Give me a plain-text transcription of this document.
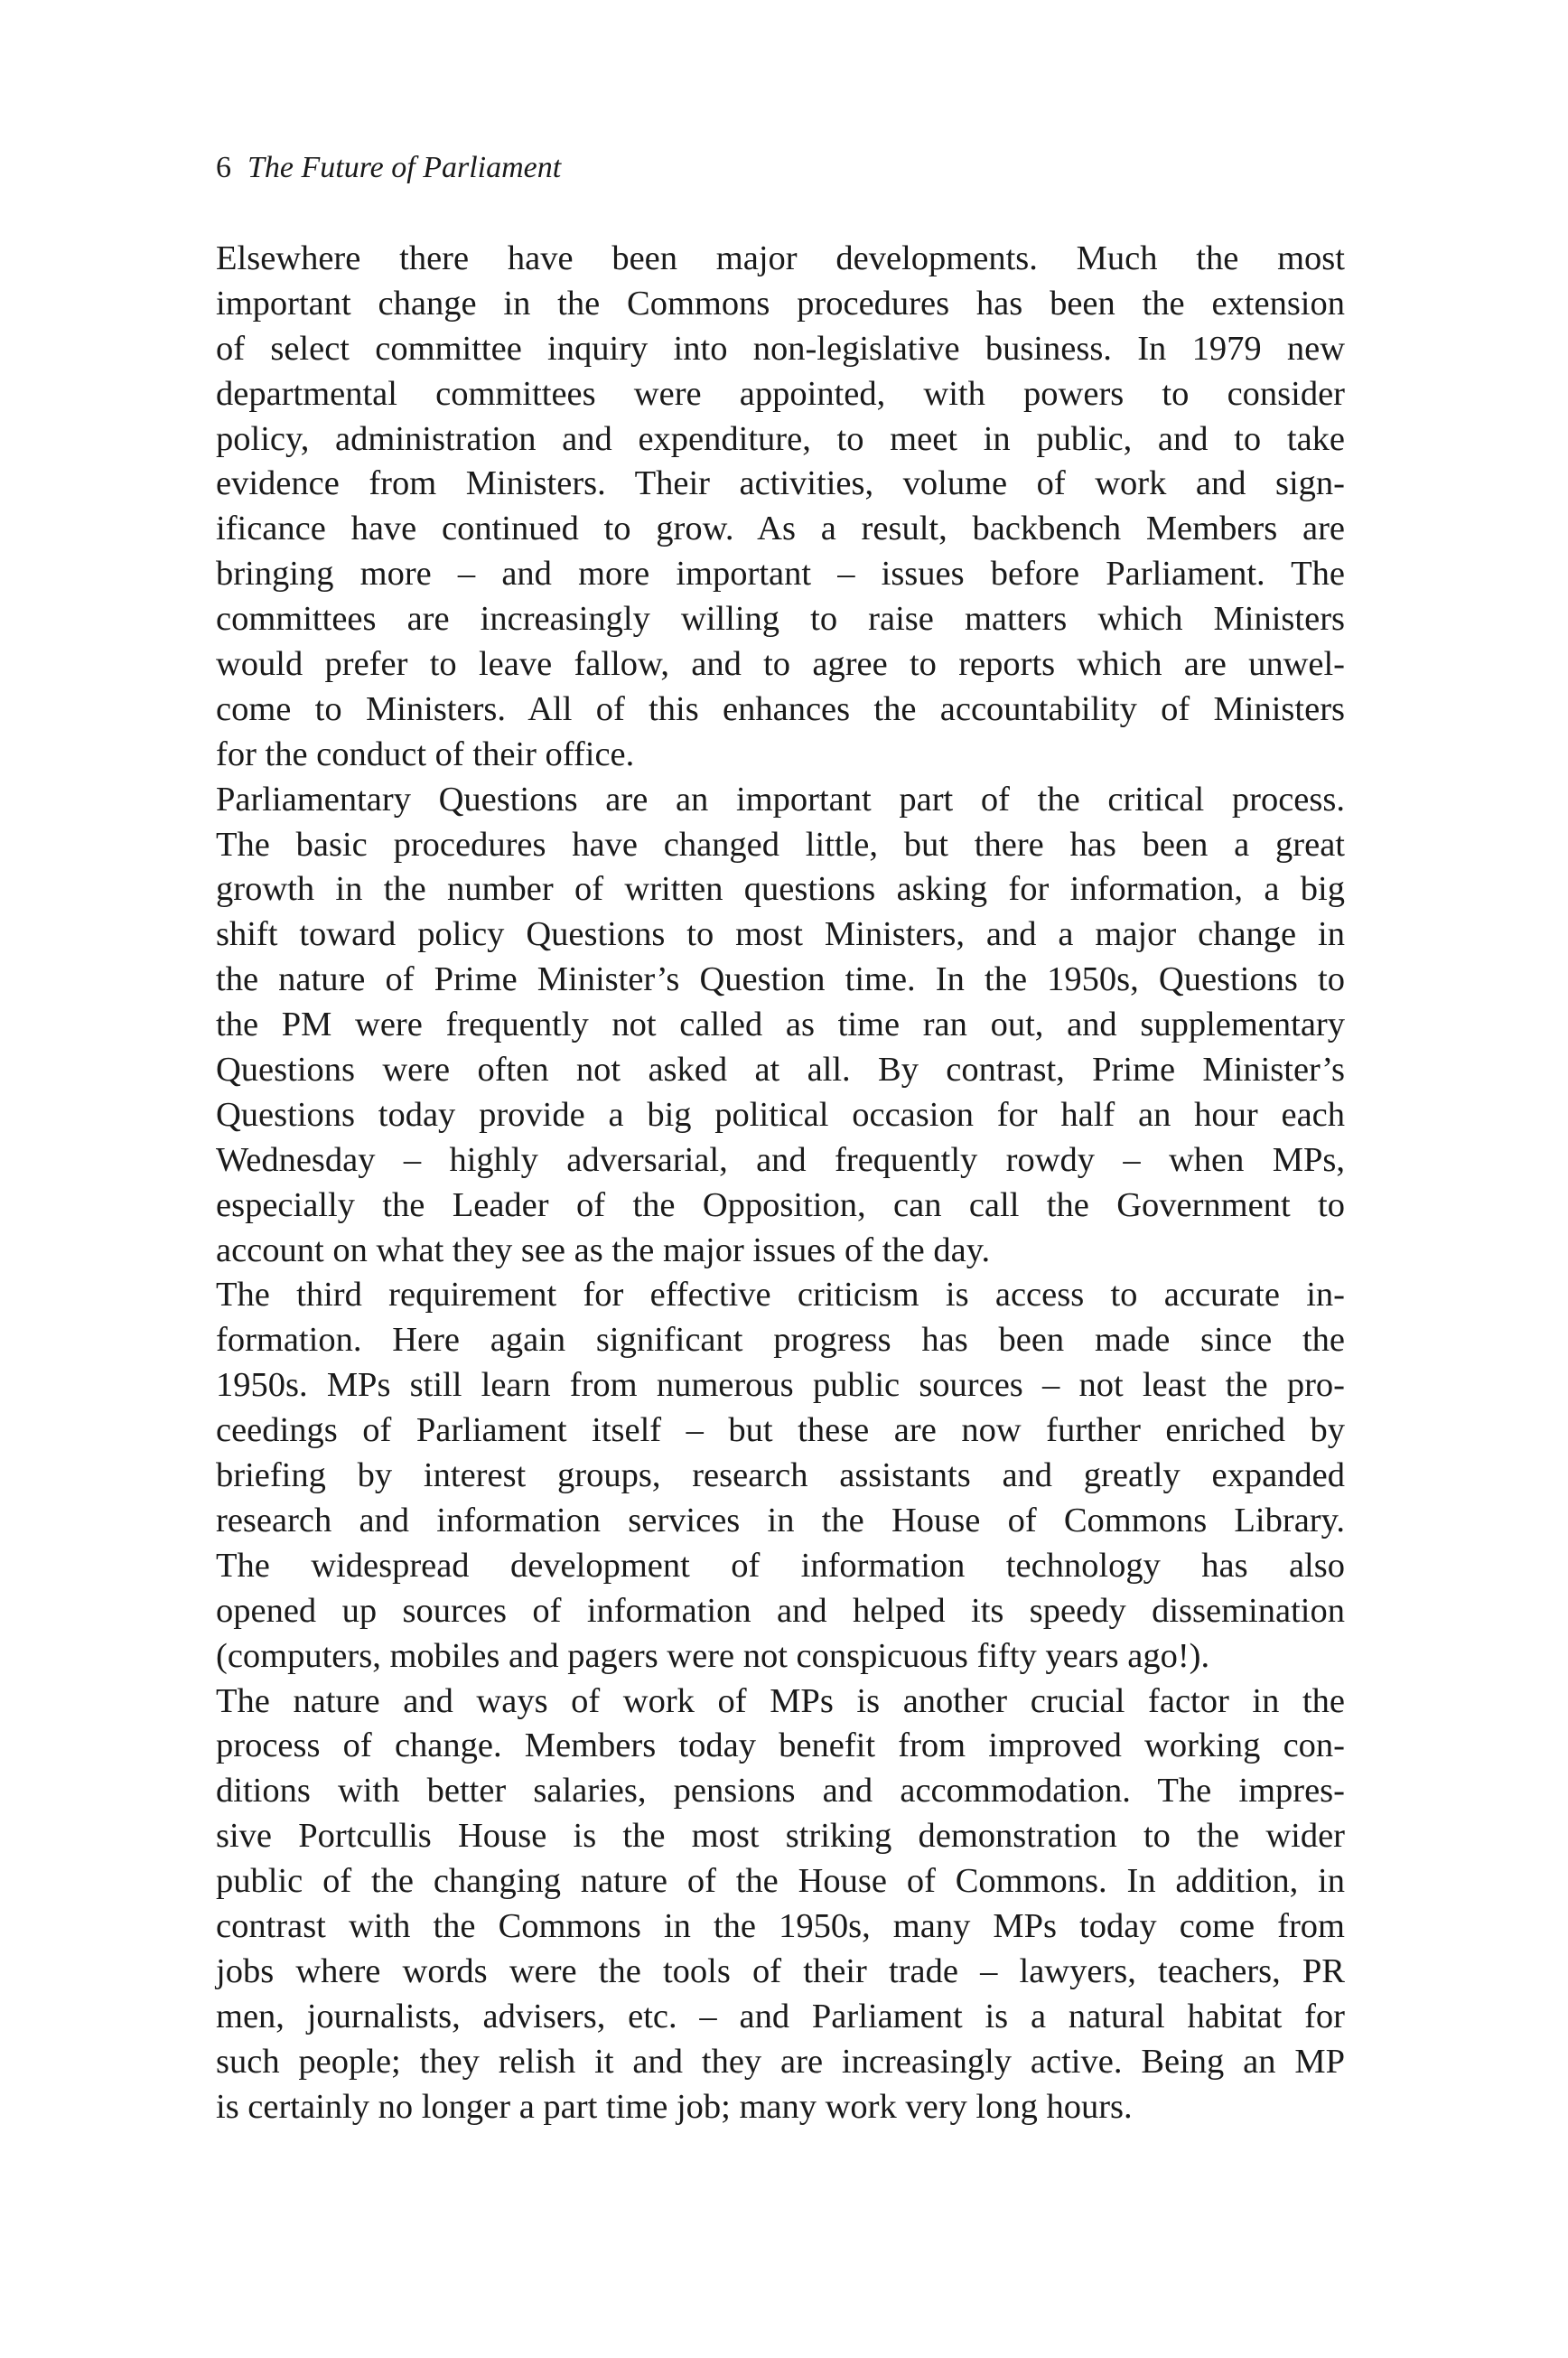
6 The Future of Parliament
Elsewhere there have been major developments. Much the most
important change in the Commons procedures has been the extension
of select committee inquiry into non-legislative business. In 1979 new
departmental committees were appointed, with powers to consider
policy, administration and expenditure, to meet in public, and to take
evidence from Ministers. Their activities, volume of work and sign-
ificance have continued to grow. As a result, backbench Members are
bringing more – and more important – issues before Parliament. The
committees are increasingly willing to raise matters which Ministers
would prefer to leave fallow, and to agree to reports which are unwel-
come to Ministers. All of this enhances the accountability of Ministers
for the conduct of their office.
Parliamentary Questions are an important part of the critical process.
The basic procedures have changed little, but there has been a great
growth in the number of written questions asking for information, a big
shift toward policy Questions to most Ministers, and a major change in
the nature of Prime Minister’s Question time. In the 1950s, Questions to
the PM were frequently not called as time ran out, and supplementary
Questions were often not asked at all. By contrast, Prime Minister’s
Questions today provide a big political occasion for half an hour each
Wednesday – highly adversarial, and frequently rowdy – when MPs,
especially the Leader of the Opposition, can call the Government to
account on what they see as the major issues of the day.
The third requirement for effective criticism is access to accurate in-
formation. Here again significant progress has been made since the
1950s. MPs still learn from numerous public sources – not least the pro-
ceedings of Parliament itself – but these are now further enriched by
briefing by interest groups, research assistants and greatly expanded
research and information services in the House of Commons Library.
The widespread development of information technology has also
opened up sources of information and helped its speedy dissemination
(computers, mobiles and pagers were not conspicuous fifty years ago!).
The nature and ways of work of MPs is another crucial factor in the
process of change. Members today benefit from improved working con-
ditions with better salaries, pensions and accommodation. The impres-
sive Portcullis House is the most striking demonstration to the wider
public of the changing nature of the House of Commons. In addition, in
contrast with the Commons in the 1950s, many MPs today come from
jobs where words were the tools of their trade – lawyers, teachers, PR
men, journalists, advisers, etc. – and Parliament is a natural habitat for
such people; they relish it and they are increasingly active. Being an MP
is certainly no longer a part time job; many work very long hours.
